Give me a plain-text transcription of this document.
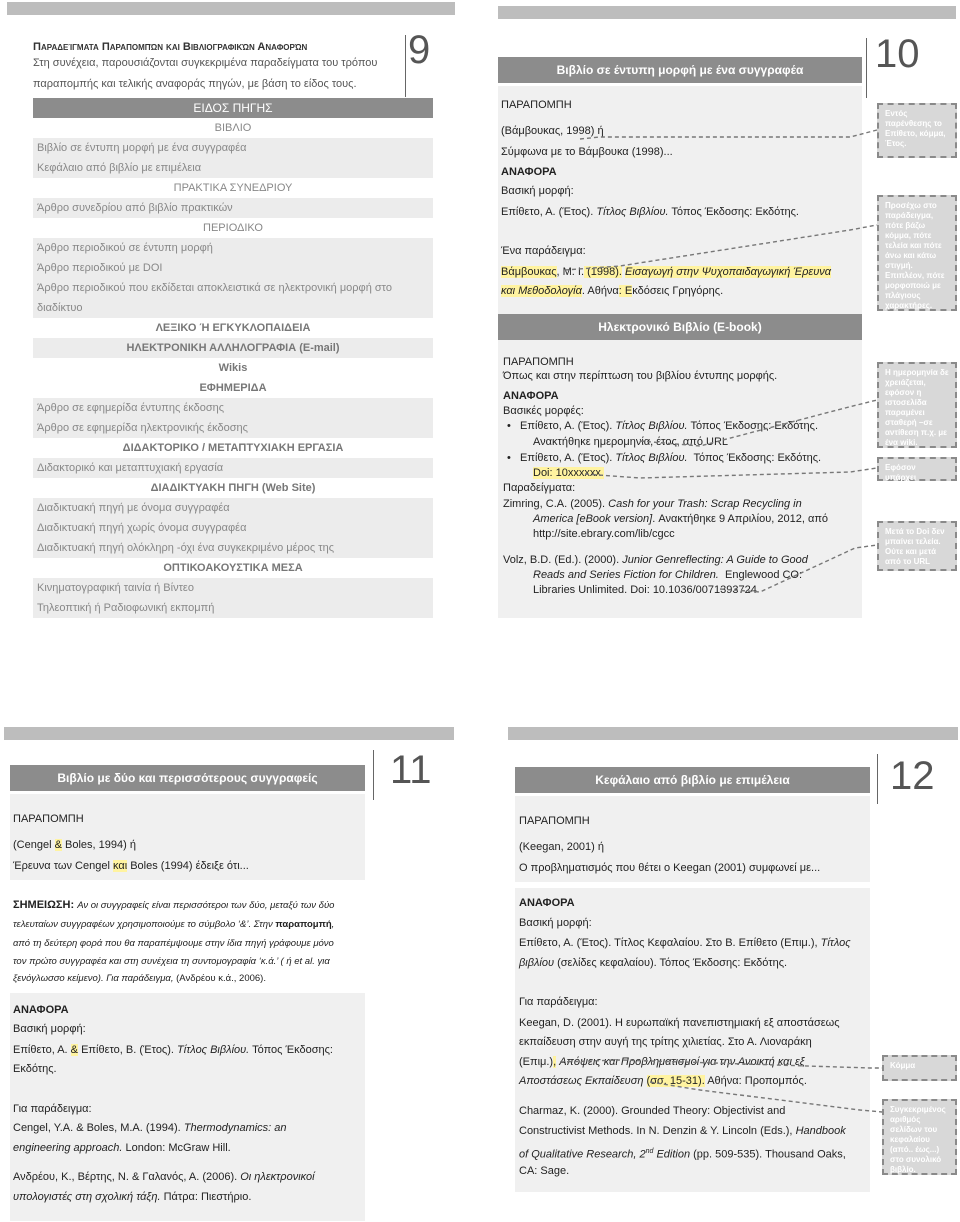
Παραδείγματα Παραπομπών και Βιβλιογραφικών Αναφορών
Στη συνέχεια, παρουσιάζονται συγκεκριμένα παραδείγματα του τρόπου
παραπομπής και τελικής αναφοράς πηγών, με βάση το είδος τους.
9
ΕΙΔΟΣ ΠΗΓΗΣ
ΒΙΒΛΙΟ
Βιβλίο σε έντυπη μορφή με ένα συγγραφέα
Κεφάλαιο από βιβλίο με επιμέλεια
ΠΡΑΚΤΙΚΑ ΣΥΝΕΔΡΙΟΥ
Άρθρο συνεδρίου από βιβλίο πρακτικών
ΠΕΡΙΟΔΙΚΟ
Άρθρο περιοδικού σε έντυπη μορφή
Άρθρο περιοδικού με DOI
Άρθρο περιοδικού που εκδίδεται αποκλειστικά σε ηλεκτρονική μορφή στο
διαδίκτυο
ΛΕΞΙΚΟ Ή ΕΓΚΥΚΛΟΠΑΙΔΕΙΑ
ΗΛΕΚΤΡΟΝΙΚΗ ΑΛΛΗΛΟΓΡΑΦΙΑ (E-mail)
Wikis
ΕΦΗΜΕΡΙΔΑ
Άρθρο σε εφημερίδα έντυπης έκδοσης
Άρθρο σε εφημερίδα ηλεκτρονικής έκδοσης
ΔΙΔΑΚΤΟΡΙΚΟ / ΜΕΤΑΠΤΥΧΙΑΚΗ ΕΡΓΑΣΙΑ
Διδακτορικό και μεταπτυχιακή εργασία
ΔΙΑΔΙΚΤΥΑΚΗ ΠΗΓΗ (Web Site)
Διαδικτυακή πηγή με όνομα συγγραφέα
Διαδικτυακή πηγή χωρίς όνομα συγγραφέα
Διαδικτυακή πηγή ολόκληρη -όχι ένα συγκεκριμένο μέρος της
ΟΠΤΙΚΟΑΚΟΥΣΤΙΚΑ ΜΕΣΑ
Κινηματογραφική ταινία ή Βίντεο
Τηλεοπτική ή Ραδιοφωνική εκπομπή
10
Βιβλίο σε έντυπη μορφή με ένα συγγραφέα
ΠΑΡΑΠΟΜΠΗ
(Βάμβουκας, 1998) ή
Σύμφωνα με το Βάμβουκα (1998)...
ΑΝΑΦΟΡΑ
Βασική μορφή:
Επίθετο, Α. (Έτος). Τίτλος Βιβλίου. Τόπος Έκδοσης: Εκδότης.
Ένα παράδειγμα:
Βάμβουκας, Μ. Ι. (1998). Εισαγωγή στην Ψυχοπαιδαγωγική Έρευνα
και Μεθοδολογία. Αθήνα: Εκδόσεις Γρηγόρης.
Ηλεκτρονικό Βιβλίο (E-book)
ΠΑΡΑΠΟΜΠΗ
Όπως και στην περίπτωση του βιβλίου έντυπης μορφής.
ΑΝΑΦΟΡΑ
Βασικές μορφές:
•   Επίθετο, Α. (Έτος). Τίτλος Βιβλίου. Τόπος Έκδοσης: Εκδότης.
Ανακτήθηκε ημερομηνία, έτος, από URL
•   Επίθετο, Α. (Έτος). Τίτλος Βιβλίου. Τόπος Έκδοσης: Εκδότης.
Doi: 10xxxxxx.
Παραδείγματα:
Zimring, C.A. (2005). Cash for your Trash: Scrap Recycling in
America [eBook version]. Ανακτήθηκε 9 Απριλίου, 2012, από
http://site.ebrary.com/lib/cgcc
Volz, B.D. (Ed.). (2000). Junior Genreflecting: A Guide to Good
Reads and Series Fiction for Children. Englewood CO:
Libraries Unlimited. Doi: 10.1036/0071393724
Εντός παρένθεσης το Επίθετο, κόμμα, Έτος.
Προσέχω στο παράδειγμα, πότε βάζω κόμμα, πότε τελεία και πότε άνω και κάτω στιγμή. Επιπλέον, πότε μορφοποιώ με πλάγιους χαρακτήρες.
Η ημερομηνία δε χρειάζεται, εφόσον η ιστοσελίδα παραμένει σταθερή –σε αντίθεση π.χ. με ένα wiki.
Εφόσον υπάρχει
Μετά το Doi δεν μπαίνει τελεία. Ούτε και μετά από το URL
11
Βιβλίο με δύο και περισσότερους συγγραφείς
ΠΑΡΑΠΟΜΠΗ
(Cengel & Boles, 1994) ή
Έρευνα των Cengel και Boles (1994) έδειξε ότι...
ΣΗΜΕΙΩΣΗ: Αν οι συγγραφείς είναι περισσότεροι των δύο, μεταξύ των δύο
τελευταίων συγγραφέων χρησιμοποιούμε το σύμβολο ‘&’. Στην παραπομπή,
από τη δεύτερη φορά που θα παραπέμψουμε στην ίδια πηγή γράφουμε μόνο
τον πρώτο συγγραφέα και στη συνέχεια τη συντομογραφία ‘κ.ά.’ ( ή et al. για
ξενόγλωσσο κείμενο). Για παράδειγμα, (Ανδρέου κ.ά., 2006).
ΑΝΑΦΟΡΑ
Βασική μορφή:
Επίθετο, Α. & Επίθετο, Β. (Έτος). Τίτλος Βιβλίου. Τόπος Έκδοσης:
Εκδότης.
Για παράδειγμα:
Cengel, Y.A. & Boles, M.A. (1994). Thermodynamics: an
engineering approach. London: McGraw Hill.
Ανδρέου, Κ., Βέρτης, Ν. & Γαλανός, Α. (2006). Οι ηλεκτρονικοί
υπολογιστές στη σχολική τάξη. Πάτρα: Πιεστήριο.
12
Κεφάλαιο από βιβλίο με επιμέλεια
ΠΑΡΑΠΟΜΠΗ
(Keegan, 2001) ή
Ο προβληματισμός που θέτει ο Keegan (2001) συμφωνεί με...
ΑΝΑΦΟΡΑ
Βασική μορφή:
Επίθετο, Α. (Έτος). Τίτλος Κεφαλαίου. Στο Β. Επίθετο (Επιμ.), Τίτλος
βιβλίου (σελίδες κεφαλαίου). Τόπος Έκδοσης: Εκδότης.
Για παράδειγμα:
Keegan, D. (2001). Η ευρωπαϊκή πανεπιστημιακή εξ αποστάσεως
εκπαίδευση στην αυγή της τρίτης χιλιετίας. Στο Α. Λιοναράκη
(Επιμ.), Απόψεις και Προβληματισμοί για την Ανοικτή και εξ
Αποστάσεως Εκπαίδευση (σσ. 15-31). Αθήνα: Προπομπός.
Charmaz, K. (2000). Grounded Theory: Objectivist and
Constructivist Methods. In N. Denzin & Y. Lincoln (Eds.), Handbook
of Qualitative Research, 2nd Edition (pp. 509-535). Thousand Oaks,
CA: Sage.
Κόμμα
Συγκεκριμένος αριθμός σελίδων του κεφαλαίου (από.. έως...) στο συνολικό βιβλίο.
